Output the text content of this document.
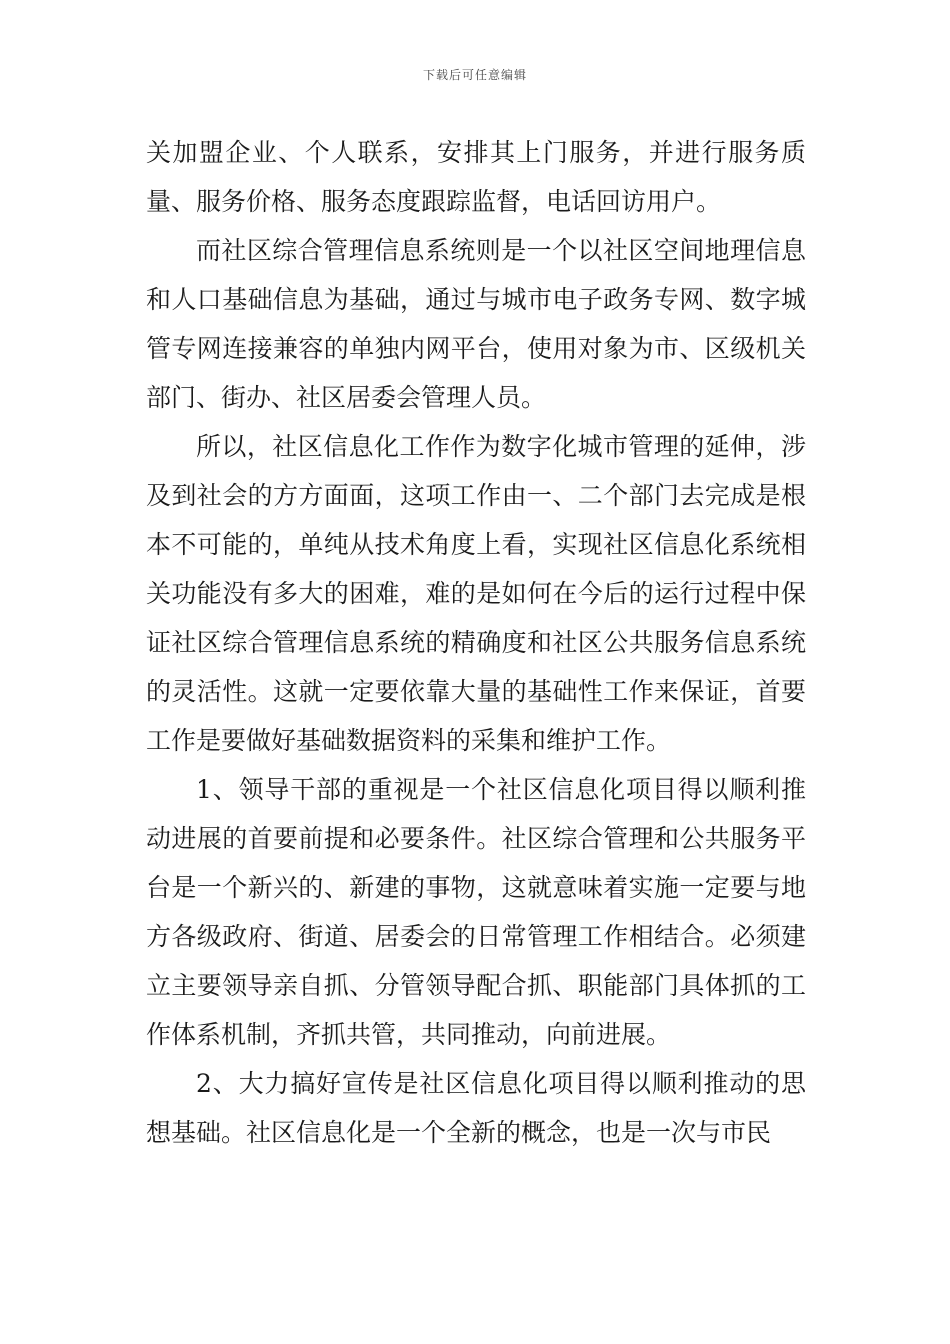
下载后可任意编辑

关加盟企业、个人联系，安排其上门服务，并进行服务质量、服务价格、服务态度跟踪监督，电话回访用户。

而社区综合管理信息系统则是一个以社区空间地理信息和人口基础信息为基础，通过与城市电子政务专网、数字城 管专网连接兼容的单独内网平台，使用对象为市、区级机关部门、街办、社区居委会管理人员。

所以，社区信息化工作作为数字化城市管理的延伸，涉及到社会的方方面面，这项工作由一、二个部门去完成是根本不可能的，单纯从技术角度上看，实现社区信息化系统相关功能没有多大的困难，难的是如何在今后的运行过程中保证社区综合管理信息系统的精确度和社区公共服务信息系统的灵活性。这就一定要依靠大量的基础性工作来保证，首要工作是要做好基础数据资料的采集和维护工作。

1、领导干部的重视是一个社区信息化项目得以顺利推动进展的首要前提和必要条件。社区综合管理和公共服务平台是一个新兴的、新建的事物，这就意味着实施一定要与地方各级政府、街道、居委会的日常管理工作相结合。必须建立主要领导亲自抓、分管领导配合抓、职能部门具体抓的工作体系机制，齐抓共管，共同推动，向前进展。

2、大力搞好宣传是社区信息化项目得以顺利推动的思想基础。社区信息化是一个全新的概念，也是一次与市民
